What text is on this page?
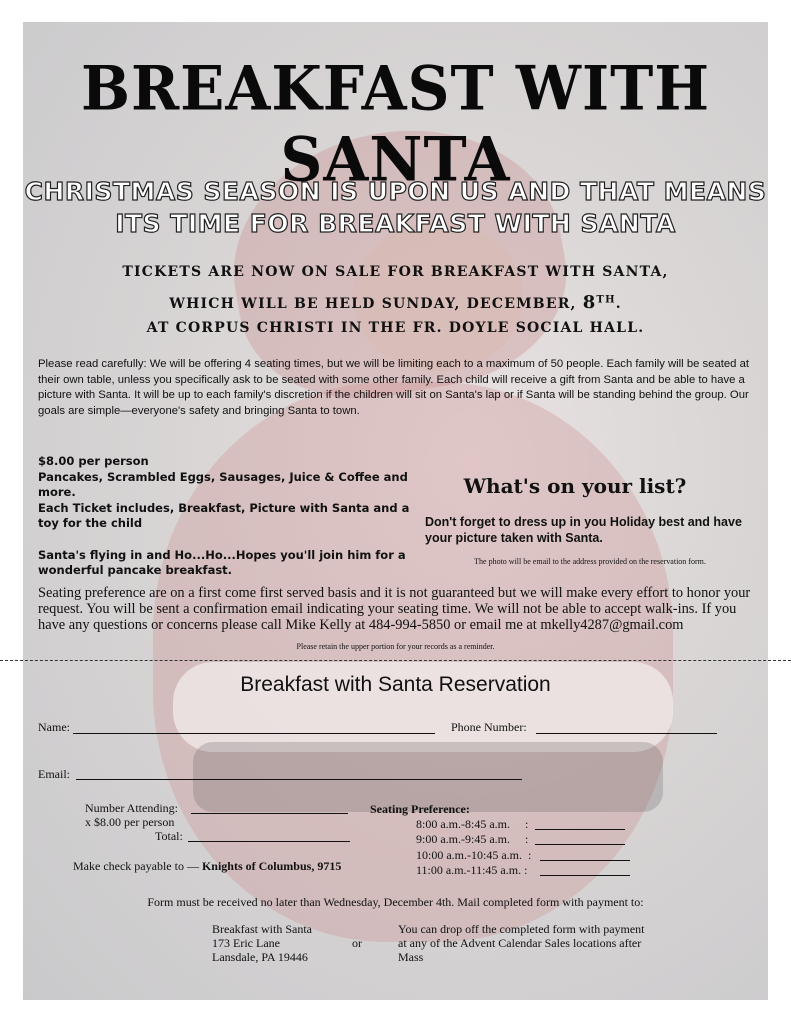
BREAKFAST WITH SANTA
CHRISTMAS SEASON IS UPON US AND THAT MEANS
ITS TIME FOR BREAKFAST WITH SANTA
TICKETS ARE NOW ON SALE FOR BREAKFAST WITH SANTA,
WHICH WILL BE HELD SUNDAY, DECEMBER, 8TH.
AT CORPUS CHRISTI IN THE FR. DOYLE SOCIAL HALL.
Please read carefully: We will be offering 4 seating times, but we will be limiting each to a maximum of 50 people. Each family will be seated at their own table, unless you specifically ask to be seated with some other family. Each child will receive a gift from Santa and be able to have a picture with Santa. It will be up to each family's discretion if the children will sit on Santa's lap or if Santa will be standing behind the group. Our goals are simple—everyone's safety and bringing Santa to town.

$8.00 per person

Pancakes, Scrambled Eggs, Sausages, Juice & Coffee and more.

Each Ticket includes, Breakfast, Picture with Santa and a toy for the child

Santa's flying in and Ho...Ho...Hopes you'll join him for a wonderful pancake breakfast.

What's on your list?
Don't forget to dress up in you Holiday best and have your picture taken with Santa.
The photo will be email to the address provided on the reservation form.
Seating preference are on a first come first served basis and it is not guaranteed but we will make every effort to honor your request. You will be sent a confirmation email indicating your seating time. We will not be able to accept walk-ins. If you have any questions or concerns please call Mike Kelly at 484-994-5850 or email me at mkelly4287@gmail.com
Please retain the upper portion for your records as a reminder.
Breakfast with Santa Reservation
Name:	Phone Number:
Email:
Number Attending:
x $8.00 per person
Total:
Make check payable to — Knights of Columbus, 9715
Seating Preference:
8:00 a.m.-8:45 a.m.     :
9:00 a.m.-9:45 a.m.     :
10:00 a.m.-10:45 a.m.  :
11:00 a.m.-11:45 a.m. :
Form must be received no later than Wednesday, December 4th. Mail completed form with payment to:
Breakfast with Santa
173 Eric Lane
Lansdale, PA 19446
or
You can drop off the completed form with payment at any of the Advent Calendar Sales locations after Mass
